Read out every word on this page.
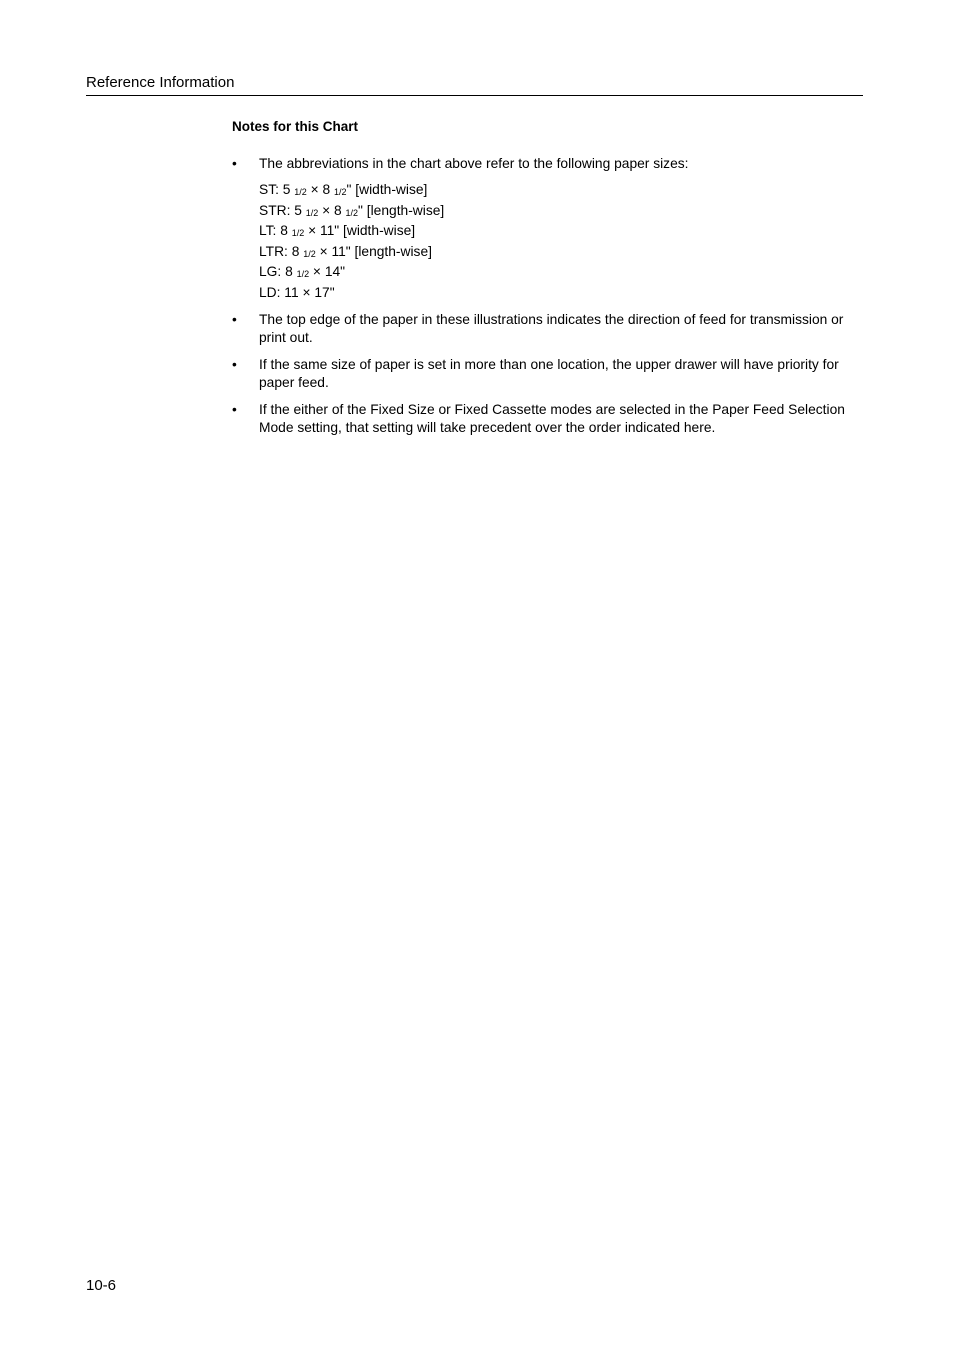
Reference Information
Notes for this Chart
• The abbreviations in the chart above refer to the following paper sizes:
ST: 5 1/2 × 8 1/2" [width-wise]
STR: 5 1/2 × 8 1/2" [length-wise]
LT: 8 1/2 × 11" [width-wise]
LTR: 8 1/2 × 11" [length-wise]
LG: 8 1/2 × 14"
LD: 11 × 17"
• The top edge of the paper in these illustrations indicates the direction of feed for transmission or print out.
• If the same size of paper is set in more than one location, the upper drawer will have priority for paper feed.
• If the either of the Fixed Size or Fixed Cassette modes are selected in the Paper Feed Selection Mode setting, that setting will take precedent over the order indicated here.
10-6
